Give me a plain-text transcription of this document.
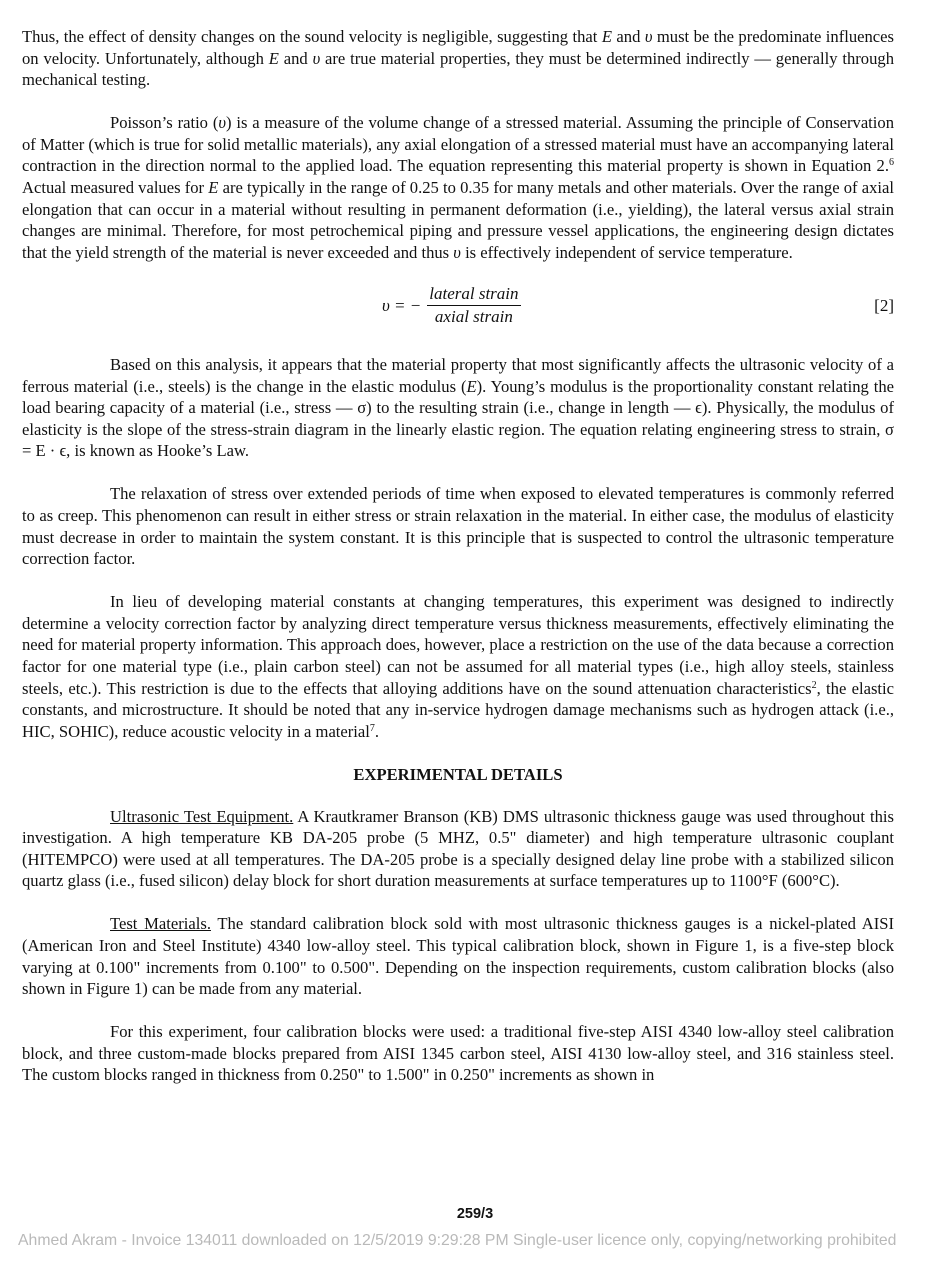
Thus, the effect of density changes on the sound velocity is negligible, suggesting that E and υ must be the predominate influences on velocity. Unfortunately, although E and υ are true material properties, they must be determined indirectly — generally through mechanical testing.

Poisson’s ratio (υ) is a measure of the volume change of a stressed material. Assuming the principle of Conservation of Matter (which is true for solid metallic materials), any axial elongation of a stressed material must have an accompanying lateral contraction in the direction normal to the applied load. The equation representing this material property is shown in Equation 2.$^6$ Actual measured values for E are typically in the range of 0.25 to 0.35 for many metals and other materials. Over the range of axial elongation that can occur in a material without resulting in permanent deformation (i.e., yielding), the lateral versus axial strain changes are minimal. Therefore, for most petrochemical piping and pressure vessel applications, the engineering design dictates that the yield strength of the material is never exceeded and thus υ is effectively independent of service temperature.

υ = − $\frac{\text{lateral strain}}{\text{axial strain}}$	[2]

Based on this analysis, it appears that the material property that most significantly affects the ultrasonic velocity of a ferrous material (i.e., steels) is the change in the elastic modulus (E). Young’s modulus is the proportionality constant relating the load bearing capacity of a material (i.e., stress — σ) to the resulting strain (i.e., change in length — ϵ). Physically, the modulus of elasticity is the slope of the stress-strain diagram in the linearly elastic region. The equation relating engineering stress to strain, σ = E · ϵ, is known as Hooke’s Law.

The relaxation of stress over extended periods of time when exposed to elevated temperatures is commonly referred to as creep. This phenomenon can result in either stress or strain relaxation in the material. In either case, the modulus of elasticity must decrease in order to maintain the system constant. It is this principle that is suspected to control the ultrasonic temperature correction factor.

In lieu of developing material constants at changing temperatures, this experiment was designed to indirectly determine a velocity correction factor by analyzing direct temperature versus thickness measurements, effectively eliminating the need for material property information. This approach does, however, place a restriction on the use of the data because a correction factor for one material type (i.e., plain carbon steel) can not be assumed for all material types (i.e., high alloy steels, stainless steels, etc.). This restriction is due to the effects that alloying additions have on the sound attenuation characteristics$^2$, the elastic constants, and microstructure. It should be noted that any in-service hydrogen damage mechanisms such as hydrogen attack (i.e., HIC, SOHIC), reduce acoustic velocity in a material$^7$.

EXPERIMENTAL DETAILS

Ultrasonic Test Equipment. A Krautkramer Branson (KB) DMS ultrasonic thickness gauge was used throughout this investigation. A high temperature KB DA-205 probe (5 MHZ, 0.5" diameter) and high temperature ultrasonic couplant (HITEMPCO) were used at all temperatures. The DA-205 probe is a specially designed delay line probe with a stabilized silicon quartz glass (i.e., fused silicon) delay block for short duration measurements at surface temperatures up to 1100°F (600°C).

Test Materials. The standard calibration block sold with most ultrasonic thickness gauges is a nickel-plated AISI (American Iron and Steel Institute) 4340 low-alloy steel. This typical calibration block, shown in Figure 1, is a five-step block varying at 0.100" increments from 0.100" to 0.500". Depending on the inspection requirements, custom calibration blocks (also shown in Figure 1) can be made from any material.

For this experiment, four calibration blocks were used: a traditional five-step AISI 4340 low-alloy steel calibration block, and three custom-made blocks prepared from AISI 1345 carbon steel, AISI 4130 low-alloy steel, and 316 stainless steel. The custom blocks ranged in thickness from 0.250" to 1.500" in 0.250" increments as shown in

259/3
Ahmed Akram - Invoice 134011 downloaded on 12/5/2019 9:29:28 PM Single-user licence only, copying/networking prohibited
